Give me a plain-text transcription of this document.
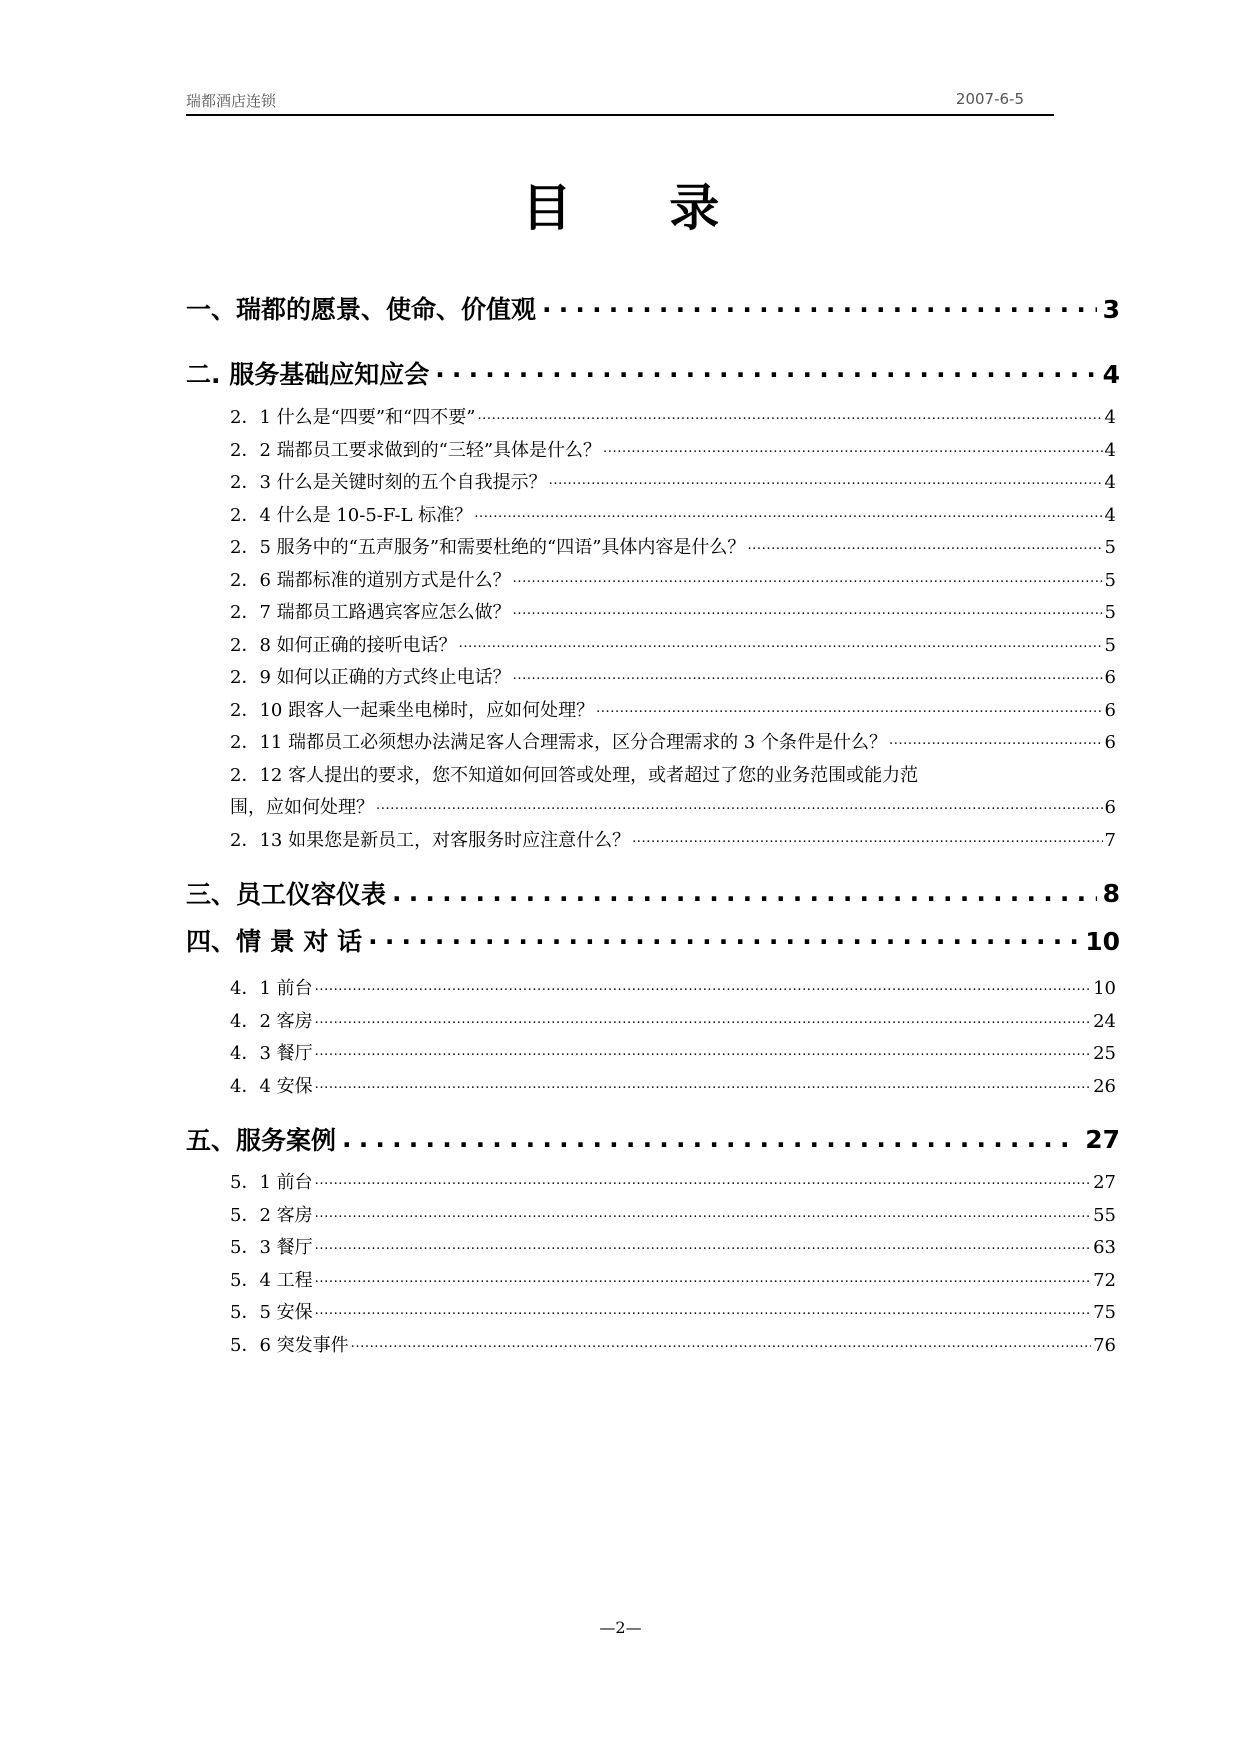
瑞都酒店连锁	2007-6-5
目 录
一、瑞都的愿景、使命、价值观 .....	3
二. 服务基础应知应会 .....	4
2．1 什么是“四要”和“四不要” .....	4
2．2 瑞都员工要求做到的“三轻”具体是什么？ .....	4
2．3 什么是关键时刻的五个自我提示？ .....	4
2．4 什么是 10-5-F-L 标准？ .....	4
2．5 服务中的“五声服务”和需要杜绝的“四语”具体内容是什么？ .....	5
2．6 瑞都标准的道别方式是什么？ .....	5
2．7 瑞都员工路遇宾客应怎么做？ .....	5
2．8 如何正确的接听电话？ .....	5
2．9 如何以正确的方式终止电话？ .....	6
2．10 跟客人一起乘坐电梯时，应如何处理？ .....	6
2．11 瑞都员工必须想办法满足客人合理需求，区分合理需求的 3 个条件是什么？ .....	6
2．12 客人提出的要求，您不知道如何回答或处理，或者超过了您的业务范围或能力范
围，应如何处理？ .....	6
2．13 如果您是新员工，对客服务时应注意什么？ .....	7
三、员工仪容仪表 .....	8
四、情 景 对 话 .....	10
4．1 前台 .....	10
4．2 客房 .....	24
4．3 餐厅 .....	25
4．4 安保 .....	26
五、服务案例 .....	27
5．1 前台 .....	27
5．2 客房 .....	55
5．3 餐厅 .....	63
5．4 工程 .....	72
5．5 安保 .....	75
5．6 突发事件 .....	76
—2—
